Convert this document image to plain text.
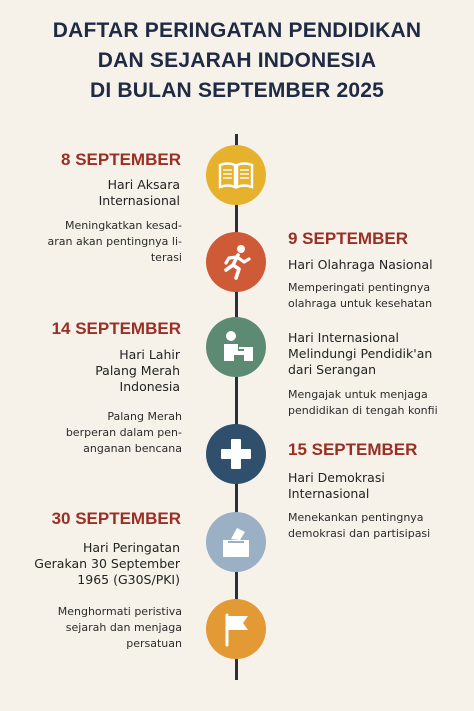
DAFTAR PERINGATAN PENDIDIKAN
DAN SEJARAH INDONESIA
DI BULAN SEPTEMBER 2025
8 SEPTEMBER
Hari Aksara
Internasional
Meningkatkan kesad-
aran akan pentingnya li-
terasi
9 SEPTEMBER
Hari Olahraga Nasional
Memperingati pentingnya
olahraga untuk kesehatan
14 SEPTEMBER
Hari Lahir
Palang Merah
Indonesia
Palang Merah
berperan dalam pen-
anganan bencana
Hari Internasional
Melindungi Pendidik'an
dari Serangan
Mengajak untuk menjaga
pendidikan di tengah konfii
15 SEPTEMBER
Hari Demokrasi
Internasional
Menekankan pentingnya
demokrasi dan partisipasi
30 SEPTEMBER
Hari Peringatan
Gerakan 30 September
1965 (G30S/PKI)
Menghormati peristiva
sejarah dan menjaga
persatuan
